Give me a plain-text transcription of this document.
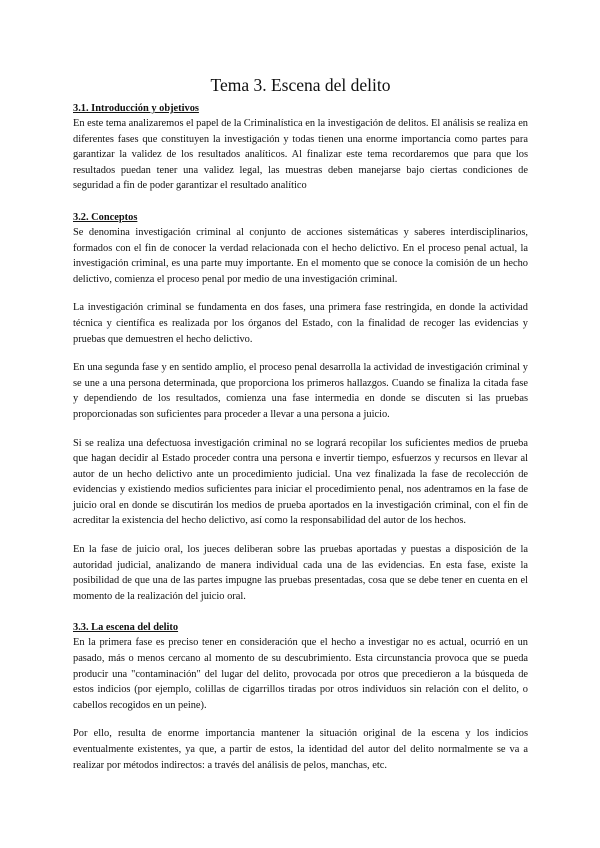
Tema 3. Escena del delito
3.1. Introducción y objetivos

En este tema analizaremos el papel de la Criminalística en la investigación de delitos. El análisis se realiza en diferentes fases que constituyen la investigación y todas tienen una enorme importancia como partes para garantizar la validez de los resultados analíticos. Al finalizar este tema recordaremos que para que los resultados puedan tener una validez legal, las muestras deben manejarse bajo ciertas condiciones de seguridad a fin de poder garantizar el resultado analítico

3.2. Conceptos

Se denomina investigación criminal al conjunto de acciones sistemáticas y saberes interdisciplinarios, formados con el fin de conocer la verdad relacionada con el hecho delictivo. En el proceso penal actual, la investigación criminal, es una parte muy importante. En el momento que se conoce la comisión de un hecho delictivo, comienza el proceso penal por medio de una investigación criminal.

La investigación criminal se fundamenta en dos fases, una primera fase restringida, en donde la actividad técnica y científica es realizada por los órganos del Estado, con la finalidad de recoger las evidencias y pruebas que demuestren el hecho delictivo.

En una segunda fase y en sentido amplio, el proceso penal desarrolla la actividad de investigación criminal y se une a una persona determinada, que proporciona los primeros hallazgos. Cuando se finaliza la citada fase y dependiendo de los resultados, comienza una fase intermedia en donde se discuten si las pruebas proporcionadas son suficientes para proceder a llevar a una persona a juicio.

Si se realiza una defectuosa investigación criminal no se logrará recopilar los suficientes medios de prueba que hagan decidir al Estado proceder contra una persona e invertir tiempo, esfuerzos y recursos en llevar al autor de un hecho delictivo ante un procedimiento judicial. Una vez finalizada la fase de recolección de evidencias y existiendo medios suficientes para iniciar el procedimiento penal, nos adentramos en la fase de juicio oral en donde se discutirán los medios de prueba aportados en la investigación criminal, con el fin de acreditar la existencia del hecho delictivo, así como la responsabilidad del autor de los hechos.

En la fase de juicio oral, los jueces deliberan sobre las pruebas aportadas y puestas a disposición de la autoridad judicial, analizando de manera individual cada una de las evidencias. En esta fase, existe la posibilidad de que una de las partes impugne las pruebas presentadas, cosa que se debe tener en cuenta en el momento de la realización del juicio oral.

3.3. La escena del delito

En la primera fase es preciso tener en consideración que el hecho a investigar no es actual, ocurrió en un pasado, más o menos cercano al momento de su descubrimiento. Esta circunstancia provoca que se pueda producir una "contaminación" del lugar del delito, provocada por otros que precedieron a la búsqueda de estos indicios (por ejemplo, colillas de cigarrillos tiradas por otros individuos sin relación con el delito, o cabellos recogidos en un peine).

Por ello, resulta de enorme importancia mantener la situación original de la escena y los indicios eventualmente existentes, ya que, a partir de estos, la identidad del autor del delito normalmente se va a realizar por métodos indirectos: a través del análisis de pelos, manchas, etc.
